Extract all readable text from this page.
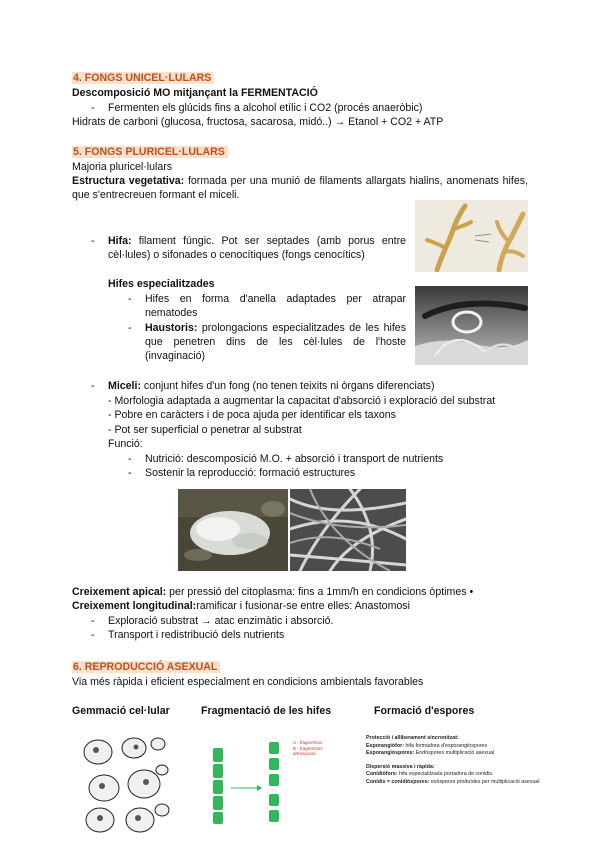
4. FONGS UNICEL·LULARS
Descomposició MO mitjançant la FERMENTACIÓ
- Fermenten els glúcids fins a alcohol etílic i CO2 (procés anaeròbic)
Hidrats de carboni (glucosa, fructosa, sacarosa, midó..) → Etanol + CO2 + ATP
5. FONGS PLURICEL·LULARS
Majoria pluricel·lulars
Estructura vegetativa: formada per una munió de filaments allargats hialins, anomenats hifes, que s'entrecreuen formant el miceli.
- Hifa: filament fúngic. Pot ser septades (amb porus entre cèl·lules) o sifonades o cenocítiques (fongs cenocítics)
Hifes especialitzades
- Hifes en forma d'anella adaptades per atrapar nematodes
- Haustoris: prolongacions especialitzades de les hifes que penetren dins de les cèl·lules de l'hoste (invaginació)
- Miceli: conjunt hifes d'un fong (no tenen teixits ni òrgans diferenciats)
- Morfologia adaptada a augmentar la capacitat d'absorció i exploració del substrat
- Pobre en caràcters i de poca ajuda per identificar els taxons
- Pot ser superficial o penetrar al substrat
Funció:
- Nutrició: descomposició M.O. + absorció i transport de nutrients
- Sostenir la reproducció: formació estructures
Creixement apical: per pressió del citoplasma: fins a 1mm/h en condicions òptimes •
Creixement longitudinal:ramificar i fusionar-se entre elles: Anastomosi
- Exploració substrat → atac enzimàtic i absorció.
- Transport i redistribució dels nutrients
6. REPRODUCCIÓ ASEXUAL
Via més ràpida i eficient especialment en condicions ambientals favorables
Gemmació cel·lular	Fragmentació de les hifes	Formació d'espores
A - fragmentos
B - fragmentos
artrosporas
Protecció i alliberament sincronitzat:
Esporangiòfor: hifa formadora d'esporangiòspores
Esporangiòspores: Endòspores multiplicació asexual
Dispersió massiva i ràpida:
Conidiòfors: hifa especialitzada portadora de conidis.
Conidis = conidiòspores: exòspores produïdes per multiplicació asexual
